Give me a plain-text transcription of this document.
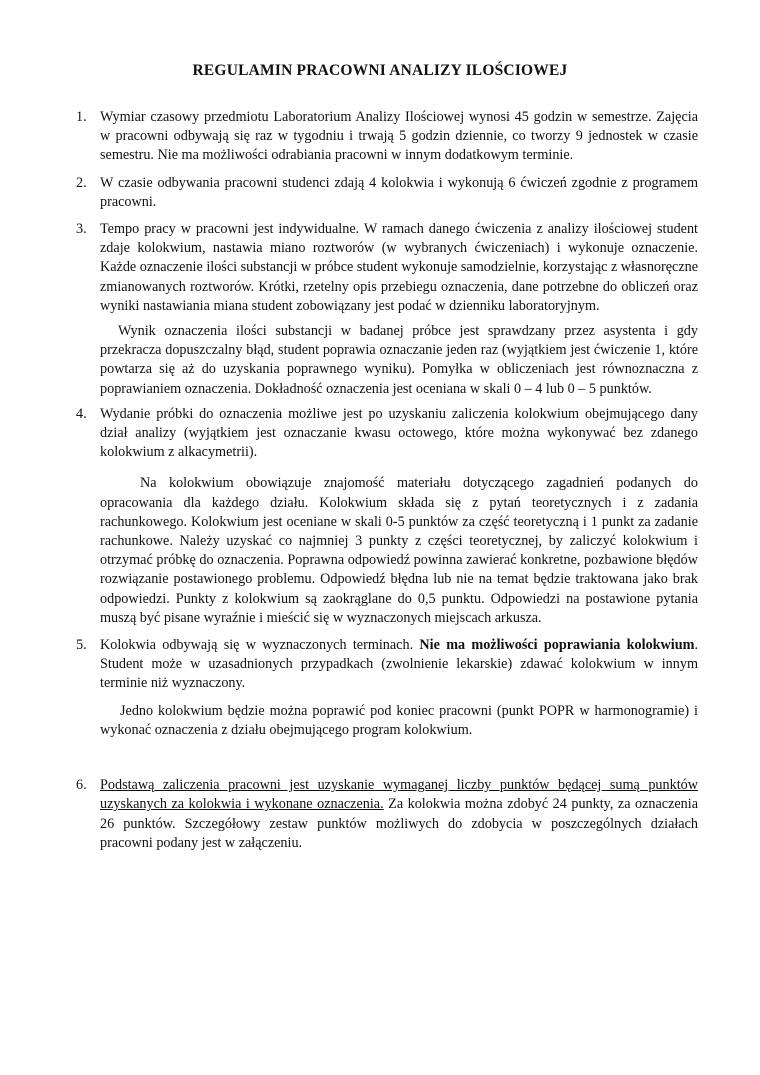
REGULAMIN PRACOWNI ANALIZY ILOŚCIOWEJ
1. Wymiar czasowy przedmiotu Laboratorium Analizy Ilościowej wynosi 45 godzin w semestrze. Zajęcia w pracowni odbywają się raz w tygodniu i trwają 5 godzin dziennie, co tworzy 9 jednostek w czasie semestru. Nie ma możliwości odrabiania pracowni w innym dodatkowym terminie.

2. W czasie odbywania pracowni studenci zdają 4 kolokwia i wykonują 6 ćwiczeń zgodnie z programem pracowni.

3. Tempo pracy w pracowni jest indywidualne. W ramach danego ćwiczenia z analizy ilościowej student zdaje kolokwium, nastawia miano roztworów (w wybranych ćwiczeniach) i wykonuje oznaczenie. Każde oznaczenie ilości substancji w próbce student wykonuje samodzielnie, korzystając z własnoręczne zmianowanych roztworów. Krótki, rzetelny opis przebiegu oznaczenia, dane potrzebne do obliczeń oraz wyniki nastawiania miana student zobowiązany jest podać w dzienniku laboratoryjnym.

Wynik oznaczenia ilości substancji w badanej próbce jest sprawdzany przez asystenta i gdy przekracza dopuszczalny błąd, student poprawia oznaczanie jeden raz (wyjątkiem jest ćwiczenie 1, które powtarza się aż do uzyskania poprawnego wyniku). Pomyłka w obliczeniach jest równoznaczna z poprawianiem oznaczenia. Dokładność oznaczenia jest oceniana w skali 0 – 4 lub 0 – 5 punktów.

4. Wydanie próbki do oznaczenia możliwe jest po uzyskaniu zaliczenia kolokwium obejmującego dany dział analizy (wyjątkiem jest oznaczanie kwasu octowego, które można wykonywać bez zdanego kolokwium z alkacymetrii).

Na kolokwium obowiązuje znajomość materiału dotyczącego zagadnień podanych do opracowania dla każdego działu. Kolokwium składa się z pytań teoretycznych i z zadania rachunkowego. Kolokwium jest oceniane w skali 0-5 punktów za część teoretyczną i 1 punkt za zadanie rachunkowe. Należy uzyskać co najmniej 3 punkty z części teoretycznej, by zaliczyć kolokwium i otrzymać próbkę do oznaczenia. Poprawna odpowiedź powinna zawierać konkretne, pozbawione błędów rozwiązanie postawionego problemu. Odpowiedź błędna lub nie na temat będzie traktowana jako brak odpowiedzi. Punkty z kolokwium są zaokrąglane do 0,5 punktu. Odpowiedzi na postawione pytania muszą być pisane wyraźnie i mieścić się w wyznaczonych miejscach arkusza.

5. Kolokwia odbywają się w wyznaczonych terminach. Nie ma możliwości poprawiania kolokwium. Student może w uzasadnionych przypadkach (zwolnienie lekarskie) zdawać kolokwium w innym terminie niż wyznaczony.

Jedno kolokwium będzie można poprawić pod koniec pracowni (punkt POPR w harmonogramie) i wykonać oznaczenia z działu obejmującego program kolokwium.

6. Podstawą zaliczenia pracowni jest uzyskanie wymaganej liczby punktów będącej sumą punktów uzyskanych za kolokwia i wykonane oznaczenia. Za kolokwia można zdobyć 24 punkty, za oznaczenia 26 punktów. Szczegółowy zestaw punktów możliwych do zdobycia w poszczególnych działach pracowni podany jest w załączeniu.
